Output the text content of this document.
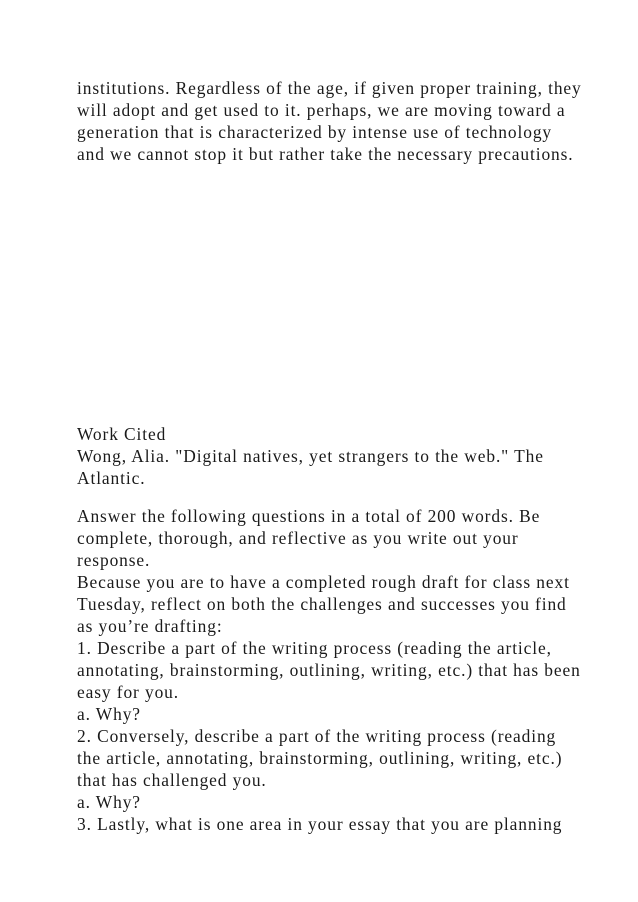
institutions. Regardless of the age, if given proper training, they
will adopt and get used to it. perhaps, we are moving toward a
generation that is characterized by intense use of technology
and we cannot stop it but rather take the necessary precautions.
Work Cited
Wong, Alia. "Digital natives, yet strangers to the web." The
Atlantic.
Answer the following questions in a total of 200 words. Be
complete, thorough, and reflective as you write out your
response.
Because you are to have a completed rough draft for class next
Tuesday, reflect on both the challenges and successes you find
as you’re drafting:
1. Describe a part of the writing process (reading the article,
annotating, brainstorming, outlining, writing, etc.) that has been
easy for you.
a. Why?
2. Conversely, describe a part of the writing process (reading
the article, annotating, brainstorming, outlining, writing, etc.)
that has challenged you.
a. Why?
3. Lastly, what is one area in your essay that you are planning
